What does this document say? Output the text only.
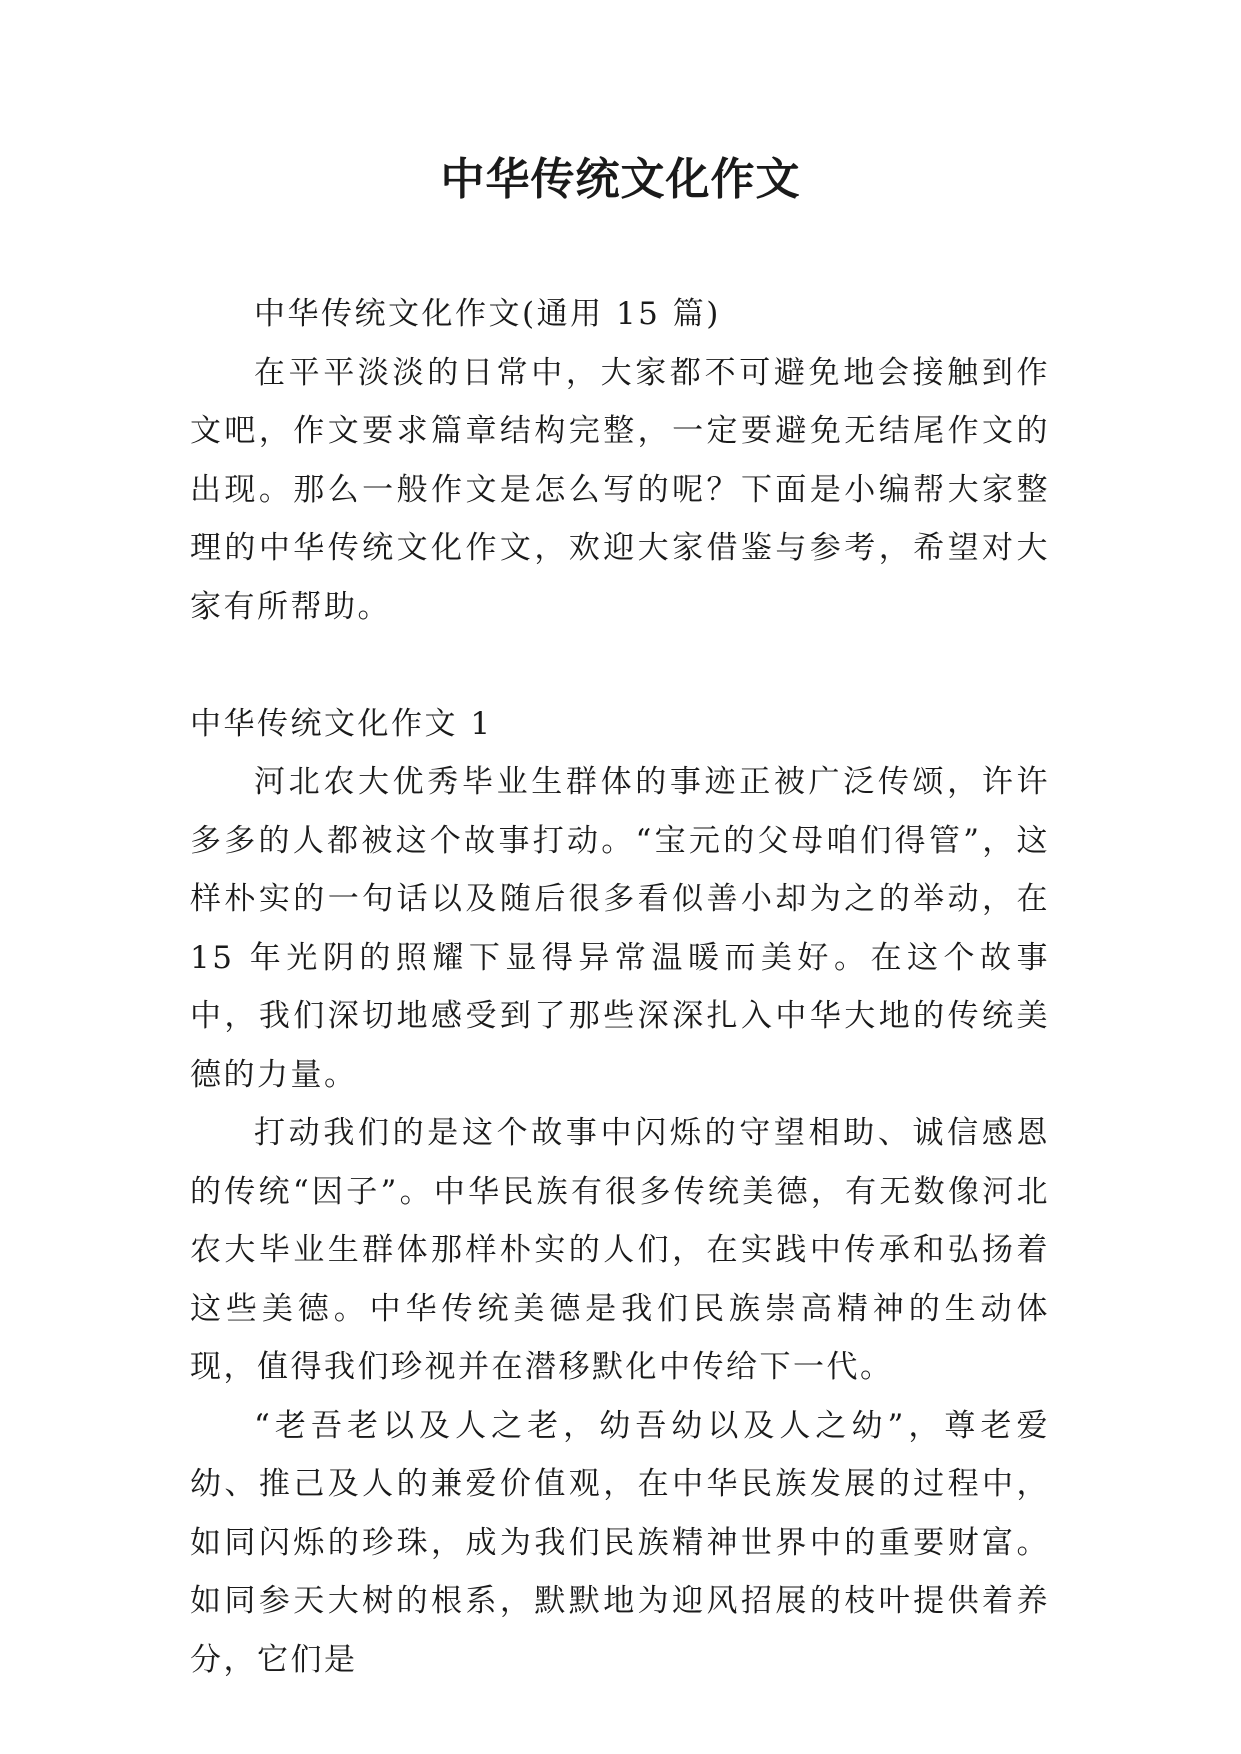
中华传统文化作文

中华传统文化作文(通用 15 篇)

在平平淡淡的日常中，大家都不可避免地会接触到作文吧，作文要求篇章结构完整，一定要避免无结尾作文的出现。那么一般作文是怎么写的呢？下面是小编帮大家整理的中华传统文化作文，欢迎大家借鉴与参考，希望对大家有所帮助。

中华传统文化作文 1

河北农大优秀毕业生群体的事迹正被广泛传颂，许许多多的人都被这个故事打动。“宝元的父母咱们得管”，这样朴实的一句话以及随后很多看似善小却为之的举动，在 15 年光阴的照耀下显得异常温暖而美好。在这个故事中，我们深切地感受到了那些深深扎入中华大地的传统美德的力量。

打动我们的是这个故事中闪烁的守望相助、诚信感恩的传统“因子”。中华民族有很多传统美德，有无数像河北农大毕业生群体那样朴实的人们，在实践中传承和弘扬着这些美德。中华传统美德是我们民族崇高精神的生动体现，值得我们珍视并在潜移默化中传给下一代。

“老吾老以及人之老，幼吾幼以及人之幼”，尊老爱幼、推己及人的兼爱价值观，在中华民族发展的过程中，如同闪烁的珍珠，成为我们民族精神世界中的重要财富。如同参天大树的根系，默默地为迎风招展的枝叶提供着养分，它们是
